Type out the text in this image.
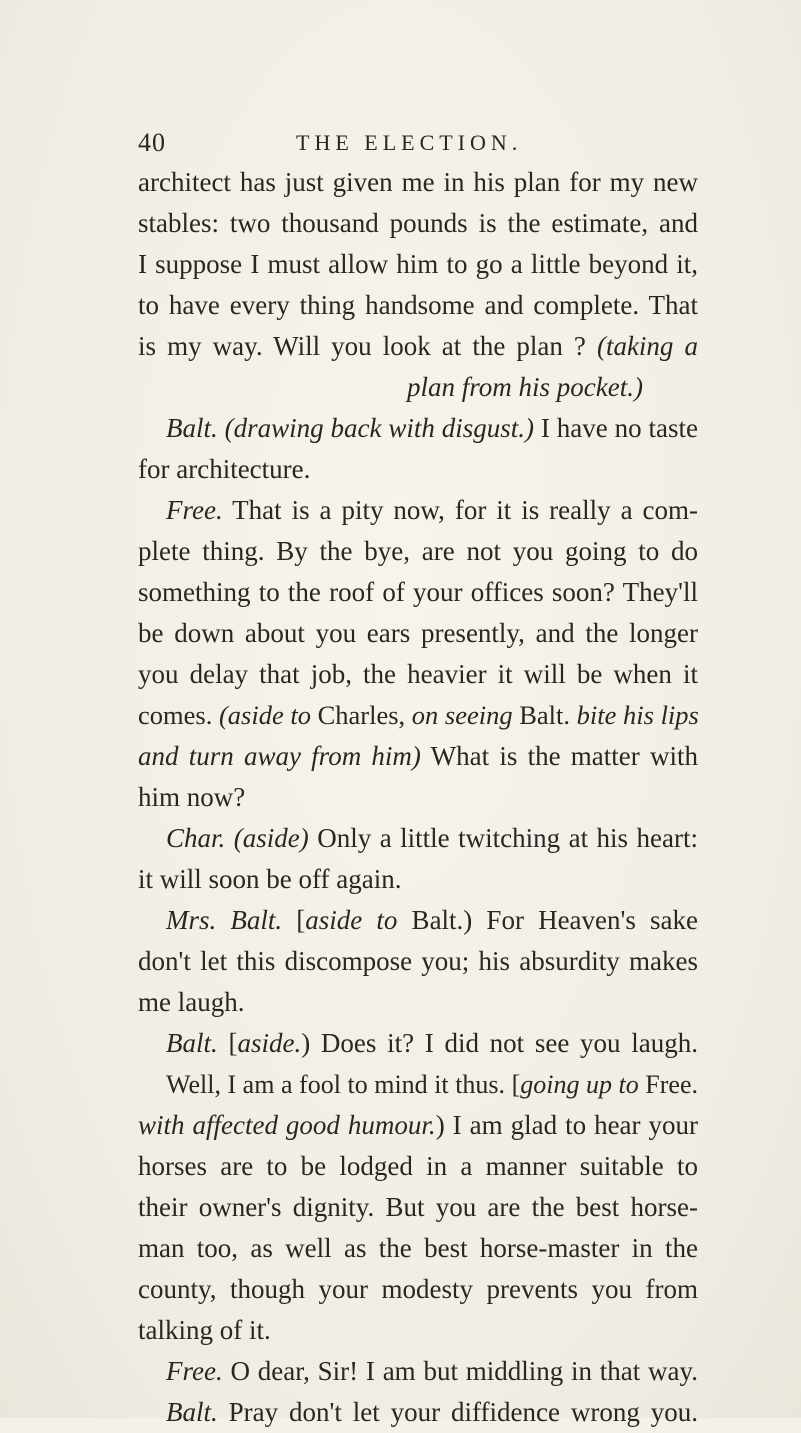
40	THE ELECTION.
architect has just given me in his plan for my new
stables: two thousand pounds is the estimate, and
I suppose I must allow him to go a little beyond it,
to have every thing handsome and complete. That
is my way. Will you look at the plan ? (taking a
plan from his pocket.)
Balt. (drawing back with disgust.) I have no taste
for architecture.
Free. That is a pity now, for it is really a com-
plete thing. By the bye, are not you going to do
something to the roof of your offices soon? They'll
be down about you ears presently, and the longer
you delay that job, the heavier it will be when it
comes. (aside to Charles, on seeing Balt. bite his lips
and turn away from him) What is the matter with
him now?
Char. (aside) Only a little twitching at his heart:
it will soon be off again.
Mrs. Balt. [aside to Balt.) For Heaven's sake
don't let this discompose you; his absurdity makes
me laugh.
Balt. [aside.) Does it? I did not see you laugh.
Well, I am a fool to mind it thus. [going up to Free.
with affected good humour.) I am glad to hear your
horses are to be lodged in a manner suitable to
their owner's dignity. But you are the best horse-
man too, as well as the best horse-master in the
county, though your modesty prevents you from
talking of it.
Free. O dear, Sir! I am but middling in that way.
Balt. Pray don't let your diffidence wrong you.
